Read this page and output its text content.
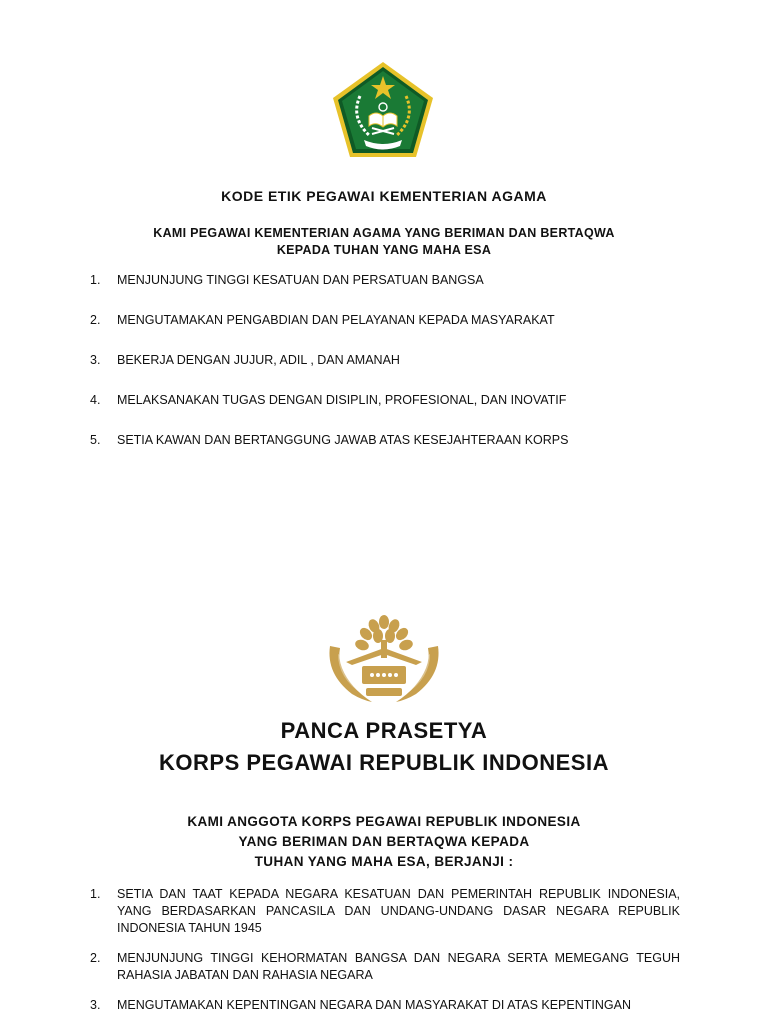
KODE ETIK PEGAWAI KEMENTERIAN AGAMA
KAMI PEGAWAI KEMENTERIAN AGAMA YANG BERIMAN DAN BERTAQWA
KEPADA TUHAN YANG MAHA ESA
1.	MENJUNJUNG TINGGI KESATUAN DAN PERSATUAN BANGSA
2.	MENGUTAMAKAN PENGABDIAN DAN PELAYANAN KEPADA MASYARAKAT
3.	BEKERJA DENGAN JUJUR, ADIL , DAN AMANAH
4.	MELAKSANAKAN TUGAS DENGAN DISIPLIN, PROFESIONAL, DAN INOVATIF
5.	SETIA KAWAN DAN BERTANGGUNG JAWAB ATAS KESEJAHTERAAN KORPS
PANCA PRASETYA
KORPS PEGAWAI REPUBLIK INDONESIA
KAMI ANGGOTA KORPS PEGAWAI REPUBLIK INDONESIA
YANG BERIMAN DAN BERTAQWA KEPADA
TUHAN YANG MAHA ESA, BERJANJI :
1.	SETIA DAN TAAT KEPADA NEGARA KESATUAN DAN PEMERINTAH REPUBLIK INDONESIA, YANG BERDASARKAN PANCASILA DAN UNDANG-UNDANG DASAR NEGARA REPUBLIK INDONESIA TAHUN 1945
2.	MENJUNJUNG TINGGI KEHORMATAN BANGSA DAN NEGARA SERTA MEMEGANG TEGUH RAHASIA JABATAN DAN RAHASIA NEGARA
3.	MENGUTAMAKAN KEPENTINGAN NEGARA DAN MASYARAKAT DI ATAS KEPENTINGAN
